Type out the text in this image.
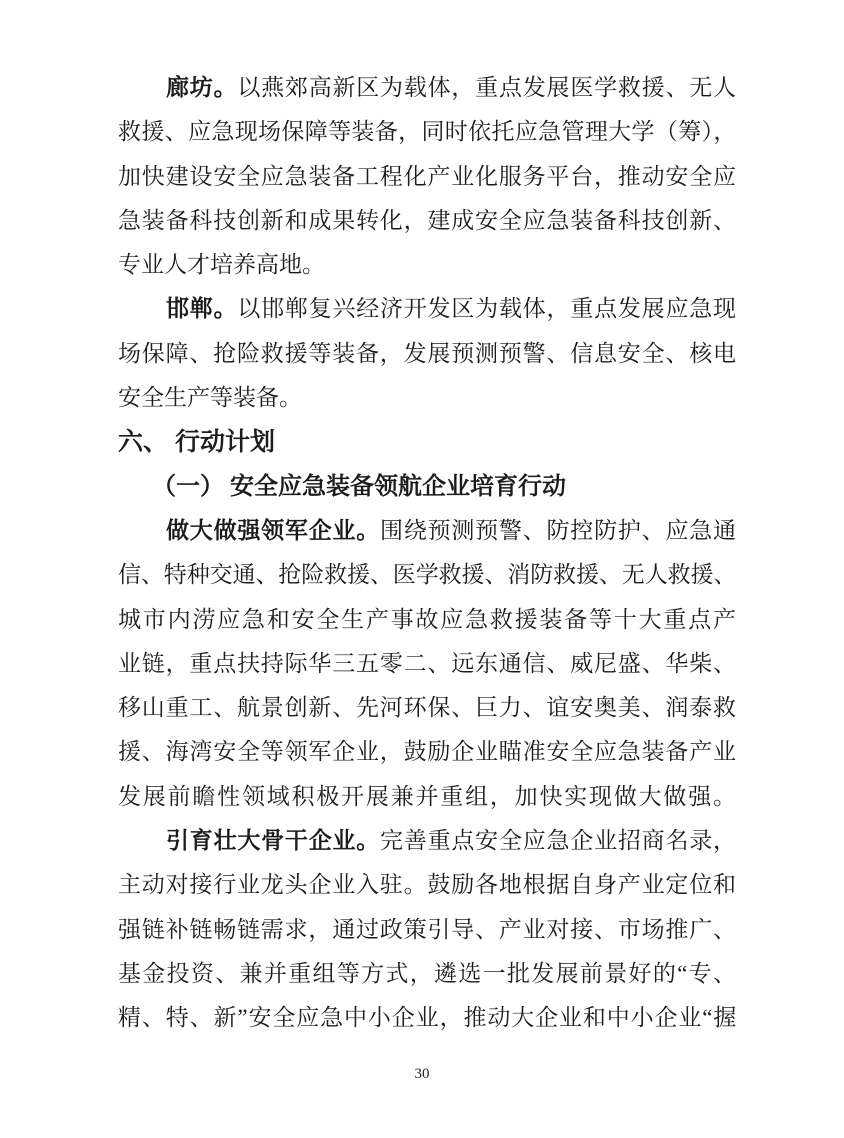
廊坊。以燕郊高新区为载体，重点发展医学救援、无人
救援、应急现场保障等装备，同时依托应急管理大学（筹），
加快建设安全应急装备工程化产业化服务平台，推动安全应
急装备科技创新和成果转化，建成安全应急装备科技创新、
专业人才培养高地。
邯郸。以邯郸复兴经济开发区为载体，重点发展应急现
场保障、抢险救援等装备，发展预测预警、信息安全、核电
安全生产等装备。
六、 行动计划
（一） 安全应急装备领航企业培育行动
做大做强领军企业。围绕预测预警、防控防护、应急通
信、特种交通、抢险救援、医学救援、消防救援、无人救援、
城市内涝应急和安全生产事故应急救援装备等十大重点产
业链，重点扶持际华三五零二、远东通信、威尼盛、华柴、
移山重工、航景创新、先河环保、巨力、谊安奥美、润泰救
援、海湾安全等领军企业，鼓励企业瞄准安全应急装备产业
发展前瞻性领域积极开展兼并重组，加快实现做大做强。
引育壮大骨干企业。完善重点安全应急企业招商名录，
主动对接行业龙头企业入驻。鼓励各地根据自身产业定位和
强链补链畅链需求，通过政策引导、产业对接、市场推广、
基金投资、兼并重组等方式，遴选一批发展前景好的“专、
精、特、新”安全应急中小企业，推动大企业和中小企业“握
30
